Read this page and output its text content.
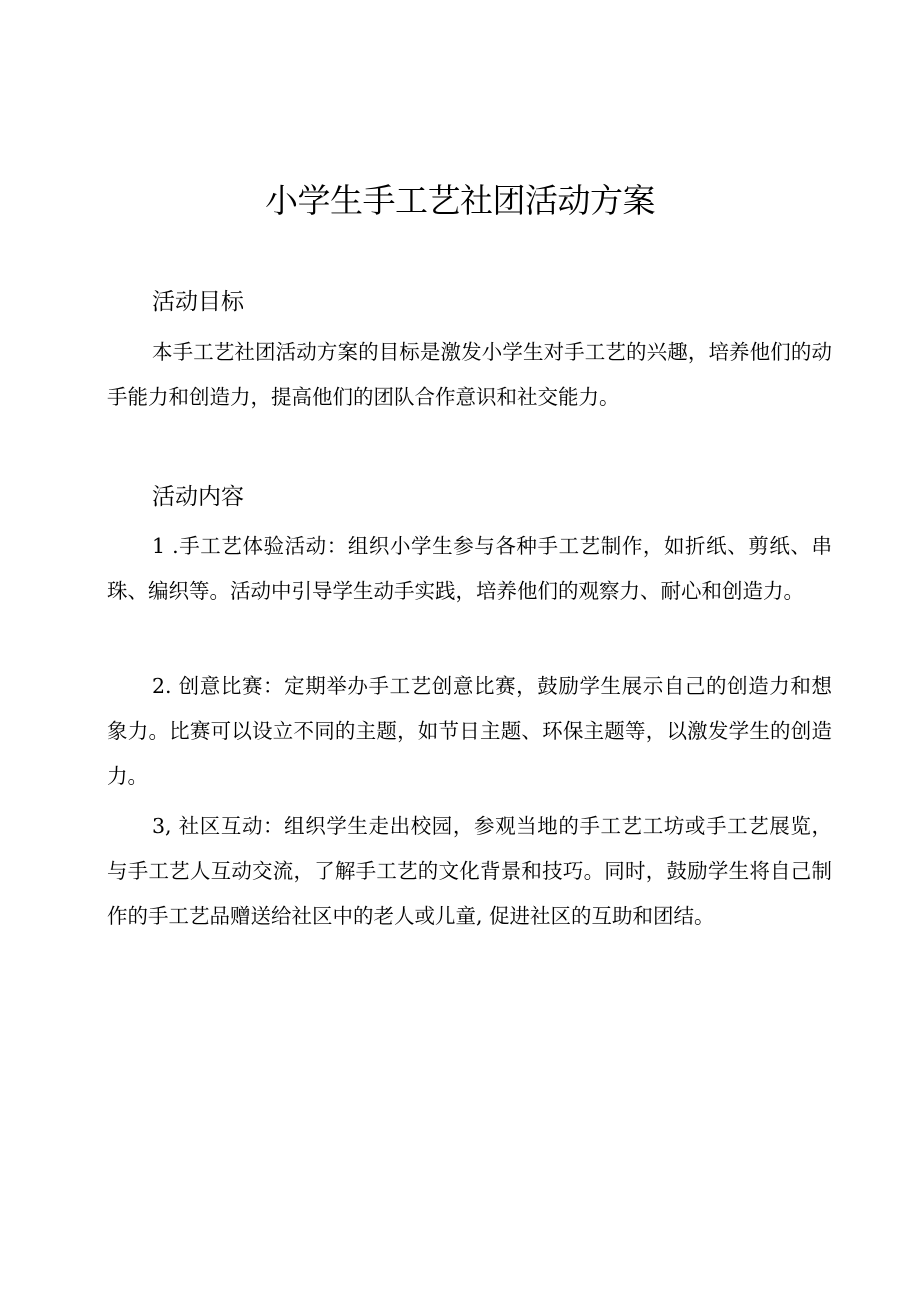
小学生手工艺社团活动方案
活动目标

本手工艺社团活动方案的目标是激发小学生对手工艺的兴趣，培养他们的动手能力和创造力，提高他们的团队合作意识和社交能力。

活动内容

1 .手工艺体验活动：组织小学生参与各种手工艺制作，如折纸、剪纸、串珠、编织等。活动中引导学生动手实践，培养他们的观察力、耐心和创造力。

2. 创意比赛：定期举办手工艺创意比赛，鼓励学生展示自己的创造力和想象力。比赛可以设立不同的主题，如节日主题、环保主题等，以激发学生的创造力。

3, 社区互动：组织学生走出校园，参观当地的手工艺工坊或手工艺展览，与手工艺人互动交流，了解手工艺的文化背景和技巧。同时，鼓励学生将自己制作的手工艺品赠送给社区中的老人或儿童, 促进社区的互助和团结。
